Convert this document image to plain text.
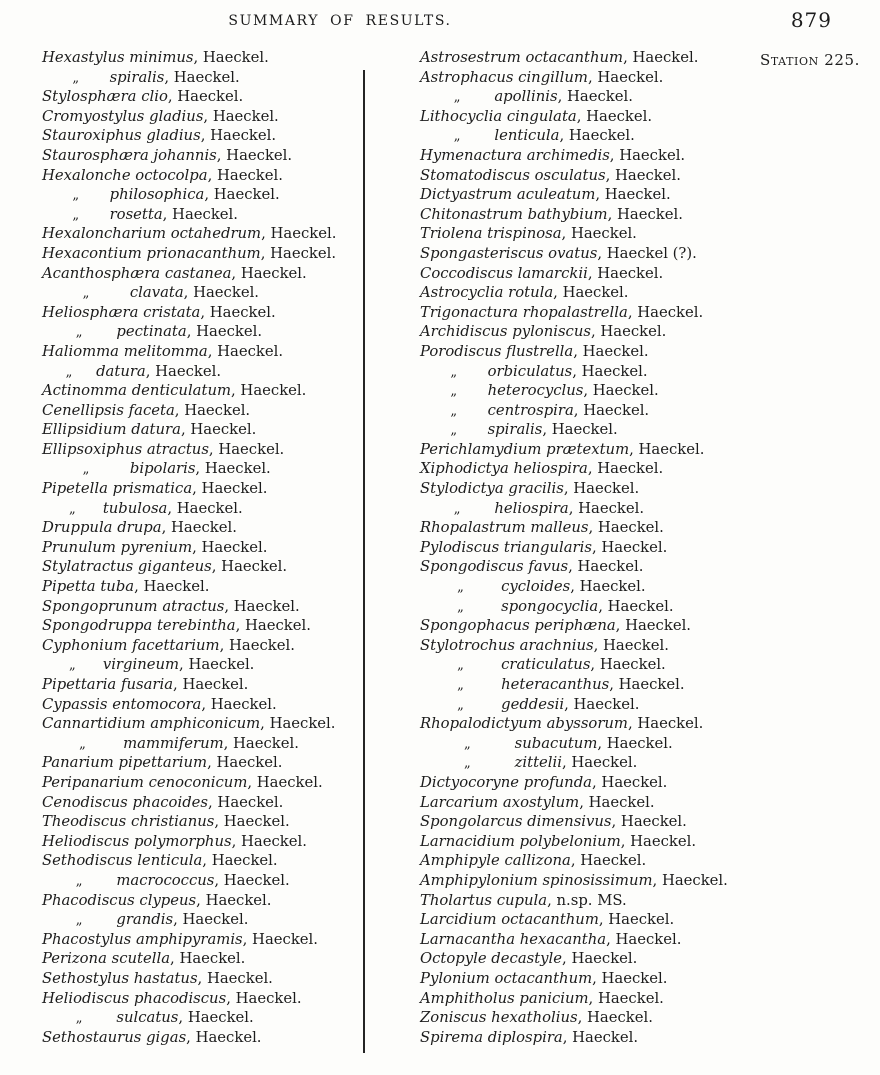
SUMMARY OF RESULTS.	879
Station 225.
Hexastylus minimus, Haeckel.
„ spiralis, Haeckel.
Stylosphæra clio, Haeckel.
Cromyostylus gladius, Haeckel.
Stauroxiphus gladius, Haeckel.
Staurosphæra johannis, Haeckel.
Hexalonche octocolpa, Haeckel.
„ philosophica, Haeckel.
„ rosetta, Haeckel.
Hexaloncharium octahedrum, Haeckel.
Hexacontium prionacanthum, Haeckel.
Acanthosphæra castanea, Haeckel.
„	clavata, Haeckel.
Heliosphæra cristata, Haeckel.
„ pectinata, Haeckel.
Haliomma melitomma, Haeckel.
„ datura, Haeckel.
Actinomma denticulatum, Haeckel.
Cenellipsis faceta, Haeckel.
Ellipsidium datura, Haeckel.
Ellipsoxiphus atractus, Haeckel.
„	bipolaris, Haeckel.
Pipetella prismatica, Haeckel.
„ tubulosa, Haeckel.
Druppula drupa, Haeckel.
Prunulum pyrenium, Haeckel.
Stylatractus giganteus, Haeckel.
Pipetta tuba, Haeckel.
Spongoprunum atractus, Haeckel.
Spongodruppa terebintha, Haeckel.
Cyphonium facettarium, Haeckel.
„ virgineum, Haeckel.
Pipettaria fusaria, Haeckel.
Cypassis entomocora, Haeckel.
Cannartidium amphiconicum, Haeckel.
„	mammiferum, Haeckel.
Panarium pipettarium, Haeckel.
Peripanarium cenoconicum, Haeckel.
Cenodiscus phacoides, Haeckel.
Theodiscus christianus, Haeckel.
Heliodiscus polymorphus, Haeckel.
Sethodiscus lenticula, Haeckel.
„ macrococcus, Haeckel.
Phacodiscus clypeus, Haeckel.
„ grandis, Haeckel.
Phacostylus amphipyramis, Haeckel.
Perizona scutella, Haeckel.
Sethostylus hastatus, Haeckel.
Heliodiscus phacodiscus, Haeckel.
„ sulcatus, Haeckel.
Sethostaurus gigas, Haeckel.
Astrosestrum octacanthum, Haeckel.
Astrophacus cingillum, Haeckel.
„ apollinis, Haeckel.
Lithocyclia cingulata, Haeckel.
„ lenticula, Haeckel.
Hymenactura archimedis, Haeckel.
Stomatodiscus osculatus, Haeckel.
Dictyastrum aculeatum, Haeckel.
Chitonastrum bathybium, Haeckel.
Triolena trispinosa, Haeckel.
Spongasteriscus ovatus, Haeckel (?).
Coccodiscus lamarckii, Haeckel.
Astrocyclia rotula, Haeckel.
Trigonactura rhopalastrella, Haeckel.
Archidiscus pyloniscus, Haeckel.
Porodiscus flustrella, Haeckel.
„ orbiculatus, Haeckel.
„ heterocyclus, Haeckel.
„ centrospira, Haeckel.
„ spiralis, Haeckel.
Perichlamydium prætextum, Haeckel.
Xiphodictya heliospira, Haeckel.
Stylodictya gracilis, Haeckel.
„ heliospira, Haeckel.
Rhopalastrum malleus, Haeckel.
Pylodiscus triangularis, Haeckel.
Spongodiscus favus, Haeckel.
„	cycloides, Haeckel.
„	spongocyclia, Haeckel.
Spongophacus periphæna, Haeckel.
Stylotrochus arachnius, Haeckel.
„	craticulatus, Haeckel.
„	heteracanthus, Haeckel.
„	geddesii, Haeckel.
Rhopalodictyum abyssorum, Haeckel.
„	subacutum, Haeckel.
„	zittelii, Haeckel.
Dictyocoryne profunda, Haeckel.
Larcarium axostylum, Haeckel.
Spongolarcus dimensivus, Haeckel.
Larnacidium polybelonium, Haeckel.
Amphipyle callizona, Haeckel.
Amphipylonium spinosissimum, Haeckel.
Tholartus cupula, n.sp. MS.
Larcidium octacanthum, Haeckel.
Larnacantha hexacantha, Haeckel.
Octopyle decastyle, Haeckel.
Pylonium octacanthum, Haeckel.
Amphitholus panicium, Haeckel.
Zoniscus hexatholius, Haeckel.
Spirema diplospira, Haeckel.
